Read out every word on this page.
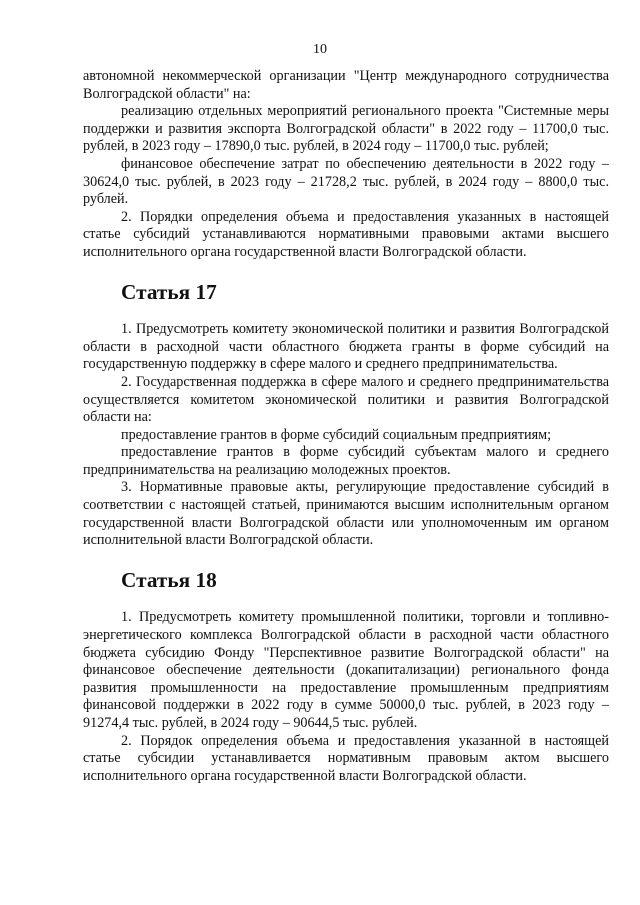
10

автономной некоммерческой организации "Центр международного сотрудничества Волгоградской области" на:

реализацию отдельных мероприятий регионального проекта "Системные меры поддержки и развития экспорта Волгоградской области" в 2022 году – 11700,0 тыс. рублей, в 2023 году – 17890,0 тыс. рублей, в 2024 году – 11700,0 тыс. рублей;

финансовое обеспечение затрат по обеспечению деятельности в 2022 году – 30624,0 тыс. рублей, в 2023 году – 21728,2 тыс. рублей, в 2024 году – 8800,0 тыс. рублей.

2. Порядки определения объема и предоставления указанных в настоящей статье субсидий устанавливаются нормативными правовыми актами высшего исполнительного органа государственной власти Волгоградской области.

Статья 17

1. Предусмотреть комитету экономической политики и развития Волгоградской области в расходной части областного бюджета гранты в форме субсидий на государственную поддержку в сфере малого и среднего предпринимательства.

2. Государственная поддержка в сфере малого и среднего предпринимательства осуществляется комитетом экономической политики и развития Волгоградской области на:

предоставление грантов в форме субсидий социальным предприятиям;

предоставление грантов в форме субсидий субъектам малого и среднего предпринимательства на реализацию молодежных проектов.

3. Нормативные правовые акты, регулирующие предоставление субсидий в соответствии с настоящей статьей, принимаются высшим исполнительным органом государственной власти Волгоградской области или уполномоченным им органом исполнительной власти Волгоградской области.

Статья 18

1. Предусмотреть комитету промышленной политики, торговли и топливно-энергетического комплекса Волгоградской области в расходной части областного бюджета субсидию Фонду "Перспективное развитие Волгоградской области" на финансовое обеспечение деятельности (докапитализации) регионального фонда развития промышленности на предоставление промышленным предприятиям финансовой поддержки в 2022 году в сумме 50000,0 тыс. рублей, в 2023 году – 91274,4 тыс. рублей, в 2024 году – 90644,5 тыс. рублей.

2. Порядок определения объема и предоставления указанной в настоящей статье субсидии устанавливается нормативным правовым актом высшего исполнительного органа государственной власти Волгоградской области.
